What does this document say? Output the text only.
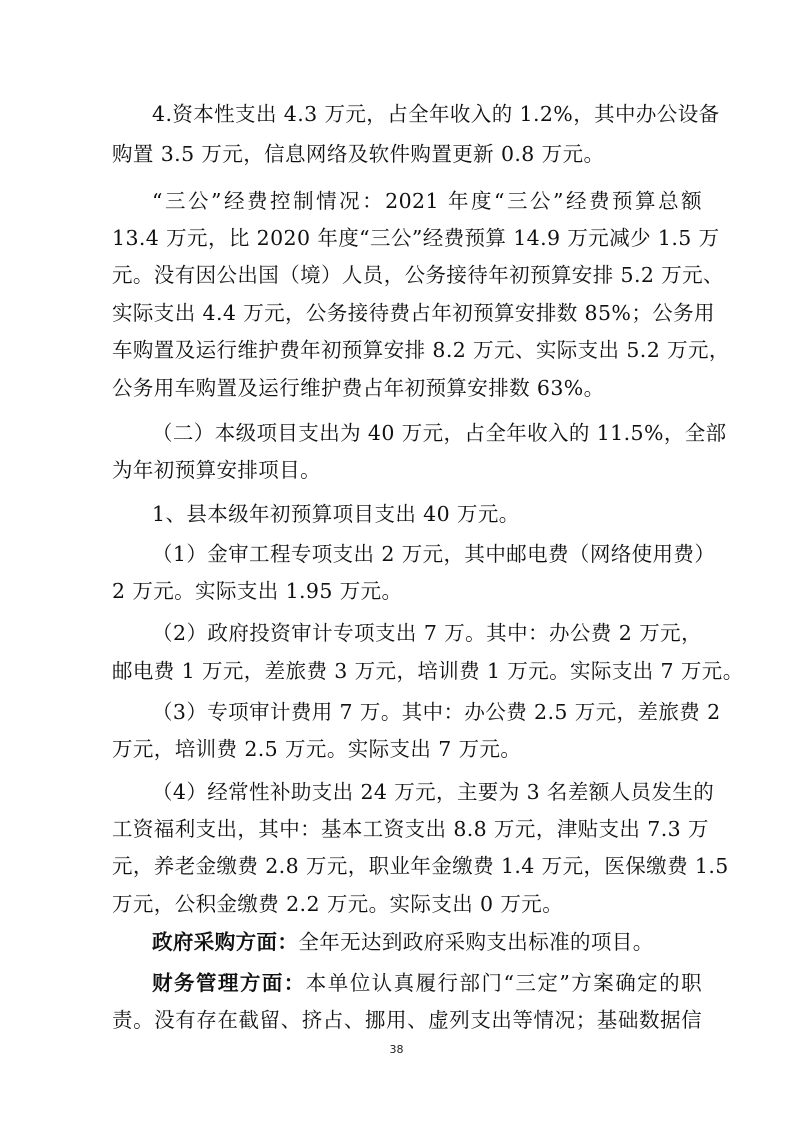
4.资本性支出 4.3 万元，占全年收入的 1.2%，其中办公设备
购置 3.5 万元，信息网络及软件购置更新 0.8 万元。
“三公”经费控制情况：2021 年度“三公”经费预算总额
13.4 万元，比 2020 年度“三公”经费预算 14.9 万元减少 1.5 万
元。没有因公出国（境）人员，公务接待年初预算安排 5.2 万元、
实际支出 4.4 万元，公务接待费占年初预算安排数 85%；公务用
车购置及运行维护费年初预算安排 8.2 万元、实际支出 5.2 万元，
公务用车购置及运行维护费占年初预算安排数 63%。
（二）本级项目支出为 40 万元，占全年收入的 11.5%，全部
为年初预算安排项目。
1、县本级年初预算项目支出 40 万元。
（1）金审工程专项支出 2 万元，其中邮电费（网络使用费）
2 万元。实际支出 1.95 万元。
（2）政府投资审计专项支出 7 万。其中：办公费 2 万元，
邮电费 1 万元，差旅费 3 万元，培训费 1 万元。实际支出 7 万元。
（3）专项审计费用 7 万。其中：办公费 2.5 万元，差旅费 2
万元，培训费 2.5 万元。实际支出 7 万元。
（4）经常性补助支出 24 万元，主要为 3 名差额人员发生的
工资福利支出，其中：基本工资支出 8.8 万元，津贴支出 7.3 万
元，养老金缴费 2.8 万元，职业年金缴费 1.4 万元，医保缴费 1.5
万元，公积金缴费 2.2 万元。实际支出 0 万元。
政府采购方面：全年无达到政府采购支出标准的项目。
财务管理方面：本单位认真履行部门“三定”方案确定的职
责。没有存在截留、挤占、挪用、虚列支出等情况；基础数据信
38
